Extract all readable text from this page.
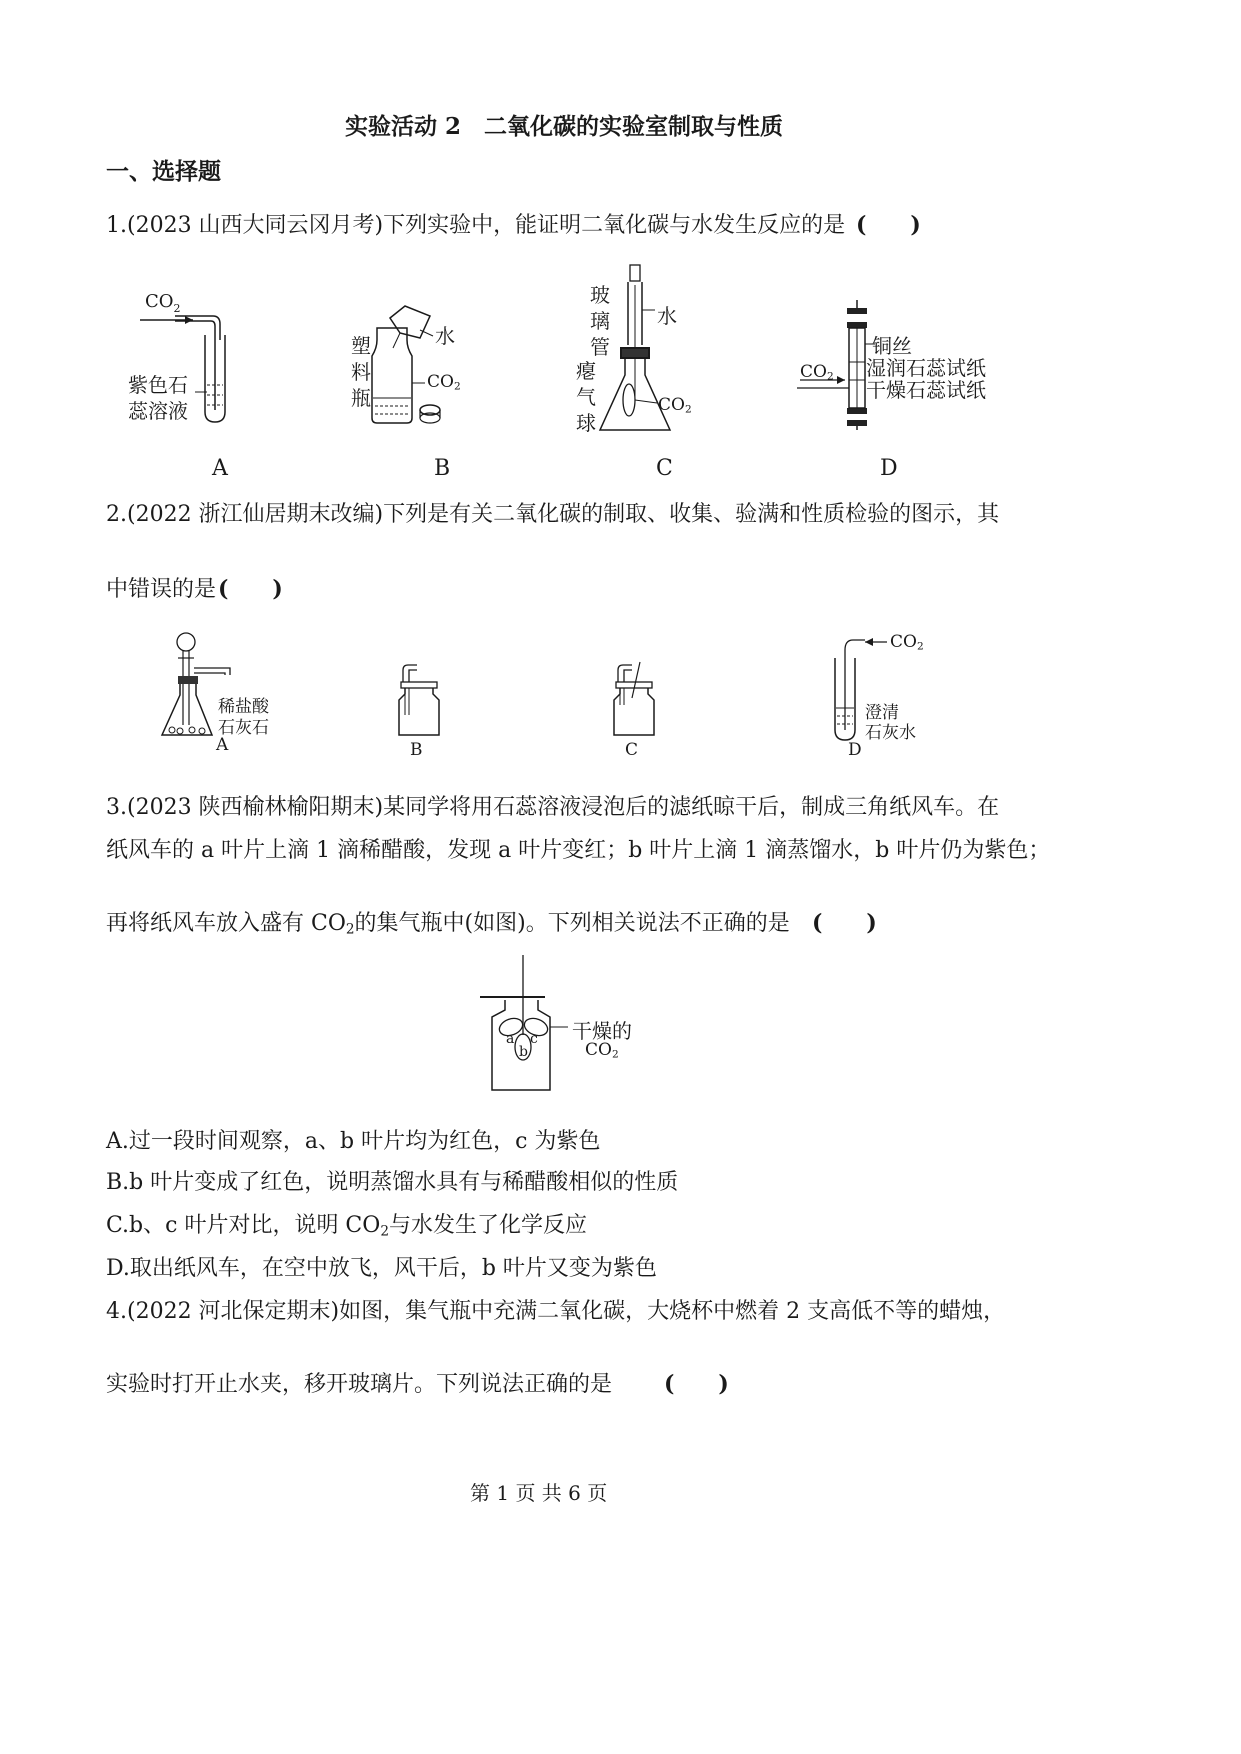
实验活动 2　二氧化碳的实验室制取与性质
一、选择题
1.(2023 山西大同云冈月考)下列实验中，能证明二氧化碳与水发生反应的是 (　　)
$CO_2$
紫色石
蕊溶液
A
水
塑
料
瓶
$CO_2$
B
玻
璃
管
水
瘪
气
球
$CO_2$
C
$CO_2$
铜丝
湿润石蕊试纸
干燥石蕊试纸
D
2.(2022 浙江仙居期末改编)下列是有关二氧化碳的制取、收集、验满和性质检验的图示，其
中错误的是 (　　)
稀盐酸
石灰石
A	B	C
$CO_2$
澄清
石灰水
D
3.(2023 陕西榆林榆阳期末)某同学将用石蕊溶液浸泡后的滤纸晾干后，制成三角纸风车。在
纸风车的 a 叶片上滴 1 滴稀醋酸，发现 a 叶片变红；b 叶片上滴 1 滴蒸馏水，b 叶片仍为紫色；
再将纸风车放入盛有 $CO_2$的集气瓶中(如图)。下列相关说法不正确的是 (　　)
a c
b
干燥的
$CO_2$
A.过一段时间观察，a、b 叶片均为红色，c 为紫色
B.b 叶片变成了红色，说明蒸馏水具有与稀醋酸相似的性质
C.b、c 叶片对比，说明 $CO_2$与水发生了化学反应
D.取出纸风车，在空中放飞，风干后，b 叶片又变为紫色
4.(2022 河北保定期末)如图，集气瓶中充满二氧化碳，大烧杯中燃着 2 支高低不等的蜡烛，
实验时打开止水夹，移开玻璃片。下列说法正确的是 (　　)
第 1 页 共 6 页
